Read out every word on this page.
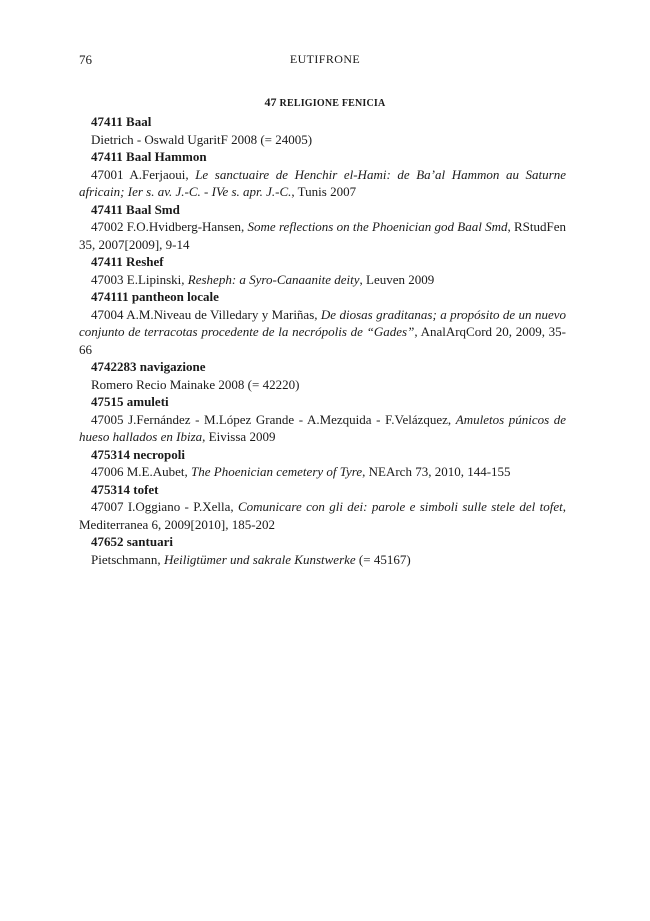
76	EUTIFRONE
47 RELIGIONE FENICIA
47411 Baal
Dietrich - Oswald UgaritF 2008 (= 24005)
47411 Baal Hammon
47001 A.Ferjaoui, Le sanctuaire de Henchir el-Hami: de Ba’al Hammon au Saturne africain; Ier s. av. J.-C. - IVe s. apr. J.-C., Tunis 2007
47411 Baal Smd
47002 F.O.Hvidberg-Hansen, Some reflections on the Phoenician god Baal Smd, RStudFen 35, 2007[2009], 9-14
47411 Reshef
47003 E.Lipinski, Resheph: a Syro-Canaanite deity, Leuven 2009
474111 pantheon locale
47004 A.M.Niveau de Villedary y Mariñas, De diosas graditanas; a propósito de un nuevo conjunto de terracotas procedente de la necrópolis de “Gades”, AnalArqCord 20, 2009, 35-66
4742283 navigazione
Romero Recio Mainake 2008 (= 42220)
47515 amuleti
47005 J.Fernández - M.López Grande - A.Mezquida - F.Velázquez, Amuletos púnicos de hueso hallados en Ibiza, Eivissa 2009
475314 necropoli
47006 M.E.Aubet, The Phoenician cemetery of Tyre, NEArch 73, 2010, 144-155
475314 tofet
47007 I.Oggiano - P.Xella, Comunicare con gli dei: parole e simboli sulle stele del tofet, Mediterranea 6, 2009[2010], 185-202
47652 santuari
Pietschmann, Heiligtümer und sakrale Kunstwerke (= 45167)
